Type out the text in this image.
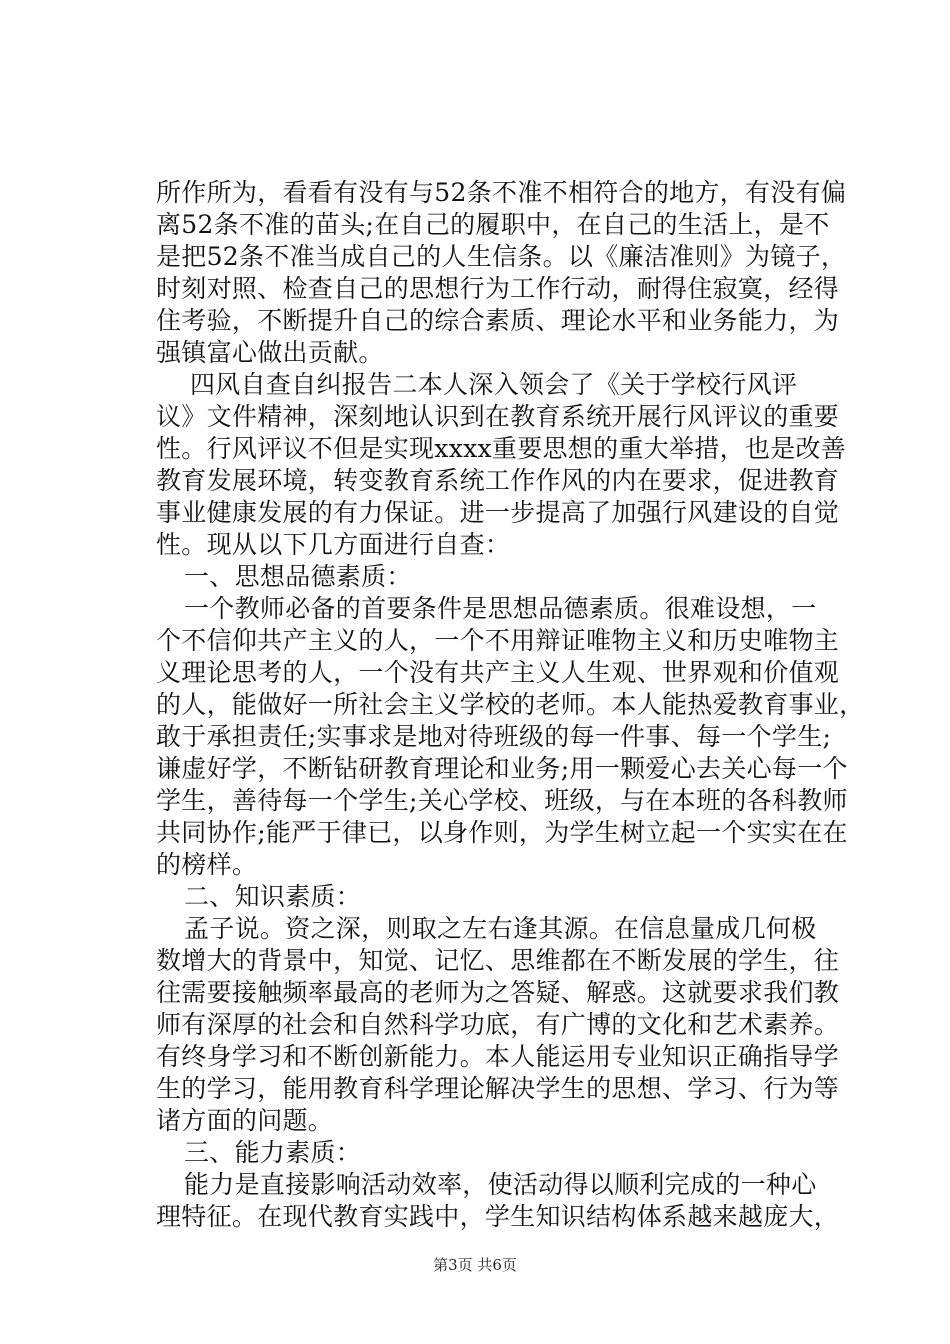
所作所为，看看有没有与52条不准不相符合的地方，有没有偏
离52条不准的苗头;在自己的履职中，在自己的生活上，是不
是把52条不准当成自己的人生信条。以《廉洁准则》为镜子，
时刻对照、检查自己的思想行为工作行动，耐得住寂寞，经得
住考验，不断提升自己的综合素质、理论水平和业务能力，为
强镇富心做出贡献。
四风自查自纠报告二本人深入领会了《关于学校行风评
议》文件精神，深刻地认识到在教育系统开展行风评议的重要
性。行风评议不但是实现xxxx重要思想的重大举措，也是改善
教育发展环境，转变教育系统工作作风的内在要求，促进教育
事业健康发展的有力保证。进一步提高了加强行风建设的自觉
性。现从以下几方面进行自查：
一、思想品德素质：
一个教师必备的首要条件是思想品德素质。很难设想，一
个不信仰共产主义的人，一个不用辩证唯物主义和历史唯物主
义理论思考的人，一个没有共产主义人生观、世界观和价值观
的人，能做好一所社会主义学校的老师。本人能热爱教育事业，
敢于承担责任;实事求是地对待班级的每一件事、每一个学生;
谦虚好学，不断钻研教育理论和业务;用一颗爱心去关心每一个
学生，善待每一个学生;关心学校、班级，与在本班的各科教师
共同协作;能严于律已，以身作则，为学生树立起一个实实在在
的榜样。
二、知识素质：
孟子说。资之深，则取之左右逢其源。在信息量成几何极
数增大的背景中，知觉、记忆、思维都在不断发展的学生，往
往需要接触频率最高的老师为之答疑、解惑。这就要求我们教
师有深厚的社会和自然科学功底，有广博的文化和艺术素养。
有终身学习和不断创新能力。本人能运用专业知识正确指导学
生的学习，能用教育科学理论解决学生的思想、学习、行为等
诸方面的问题。
三、能力素质：
能力是直接影响活动效率，使活动得以顺利完成的一种心
理特征。在现代教育实践中，学生知识结构体系越来越庞大，
第3页 共6页
